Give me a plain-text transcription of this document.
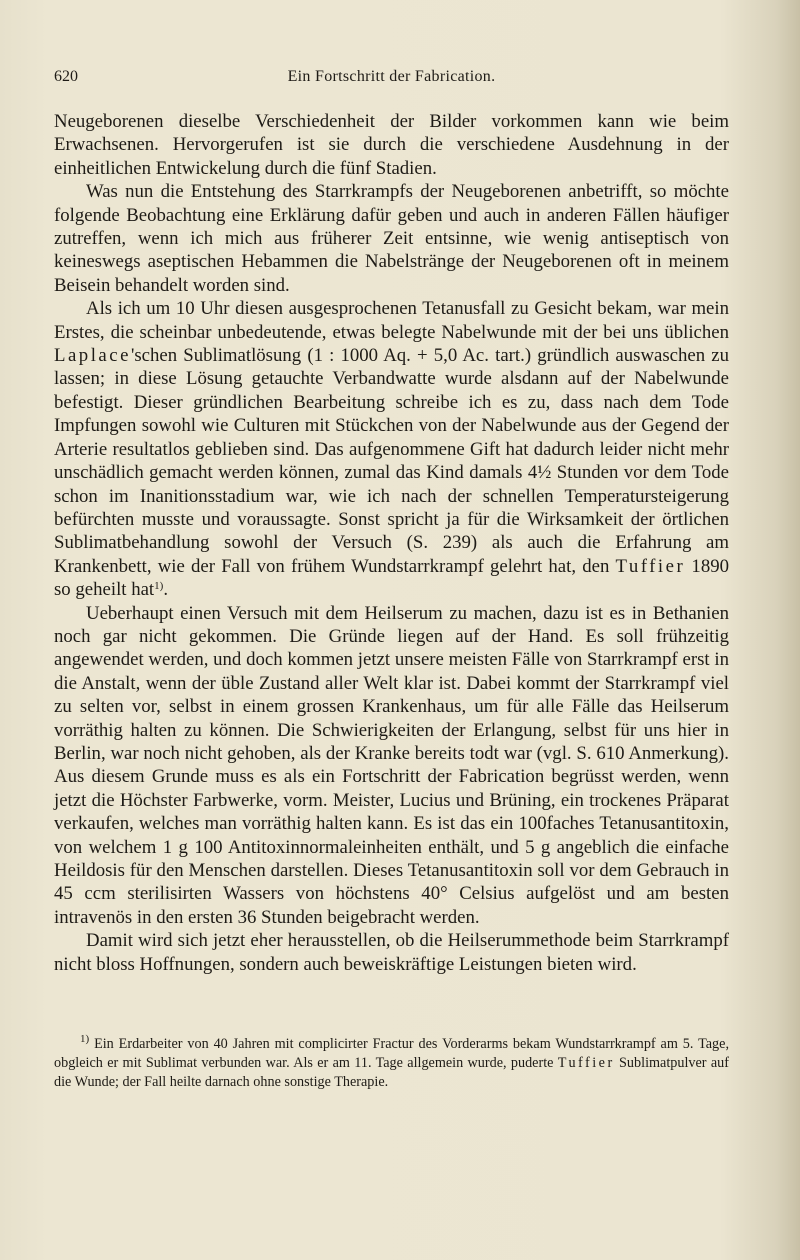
620	Ein Fortschritt der Fabrication.

Neugeborenen dieselbe Verschiedenheit der Bilder vorkommen kann wie beim Erwachsenen. Hervorgerufen ist sie durch die verschiedene Ausdehnung in der einheitlichen Entwickelung durch die fünf Stadien.

Was nun die Entstehung des Starrkrampfs der Neugeborenen anbetrifft, so möchte folgende Beobachtung eine Erklärung dafür geben und auch in anderen Fällen häufiger zutreffen, wenn ich mich aus früherer Zeit entsinne, wie wenig antiseptisch von keineswegs aseptischen Hebammen die Nabelstränge der Neugeborenen oft in meinem Beisein behandelt worden sind.

Als ich um 10 Uhr diesen ausgesprochenen Tetanusfall zu Gesicht bekam, war mein Erstes, die scheinbar unbedeutende, etwas belegte Nabelwunde mit der bei uns üblichen Laplace'schen Sublimatlösung (1 : 1000 Aq. + 5,0 Ac. tart.) gründlich auswaschen zu lassen; in diese Lösung getauchte Verbandwatte wurde alsdann auf der Nabelwunde befestigt. Dieser gründlichen Bearbeitung schreibe ich es zu, dass nach dem Tode Impfungen sowohl wie Culturen mit Stückchen von der Nabelwunde aus der Gegend der Arterie resultatlos geblieben sind. Das aufgenommene Gift hat dadurch leider nicht mehr unschädlich gemacht werden können, zumal das Kind damals 4½ Stunden vor dem Tode schon im Inanitionsstadium war, wie ich nach der schnellen Temperatursteigerung befürchten musste und voraussagte. Sonst spricht ja für die Wirksamkeit der örtlichen Sublimatbehandlung sowohl der Versuch (S. 239) als auch die Erfahrung am Krankenbett, wie der Fall von frühem Wundstarrkrampf gelehrt hat, den Tuffier 1890 so geheilt hat$^{1)}$.

Ueberhaupt einen Versuch mit dem Heilserum zu machen, dazu ist es in Bethanien noch gar nicht gekommen. Die Gründe liegen auf der Hand. Es soll frühzeitig angewendet werden, und doch kommen jetzt unsere meisten Fälle von Starrkrampf erst in die Anstalt, wenn der üble Zustand aller Welt klar ist. Dabei kommt der Starrkrampf viel zu selten vor, selbst in einem grossen Krankenhaus, um für alle Fälle das Heilserum vorräthig halten zu können. Die Schwierigkeiten der Erlangung, selbst für uns hier in Berlin, war noch nicht gehoben, als der Kranke bereits todt war (vgl. S. 610 Anmerkung). Aus diesem Grunde muss es als ein Fortschritt der Fabrication begrüsst werden, wenn jetzt die Höchster Farbwerke, vorm. Meister, Lucius und Brüning, ein trockenes Präparat verkaufen, welches man vorräthig halten kann. Es ist das ein 100faches Tetanusantitoxin, von welchem 1 g 100 Antitoxinnormaleinheiten enthält, und 5 g angeblich die einfache Heildosis für den Menschen darstellen. Dieses Tetanusantitoxin soll vor dem Gebrauch in 45 ccm sterilisirten Wassers von höchstens 40° Celsius aufgelöst und am besten intravenös in den ersten 36 Stunden beigebracht werden.

Damit wird sich jetzt eher herausstellen, ob die Heilserummethode beim Starrkrampf nicht bloss Hoffnungen, sondern auch beweiskräftige Leistungen bieten wird.

$^{1)}$ Ein Erdarbeiter von 40 Jahren mit complicirter Fractur des Vorderarms bekam Wundstarrkrampf am 5. Tage, obgleich er mit Sublimat verbunden war. Als er am 11. Tage allgemein wurde, puderte Tuffier Sublimatpulver auf die Wunde; der Fall heilte darnach ohne sonstige Therapie.
